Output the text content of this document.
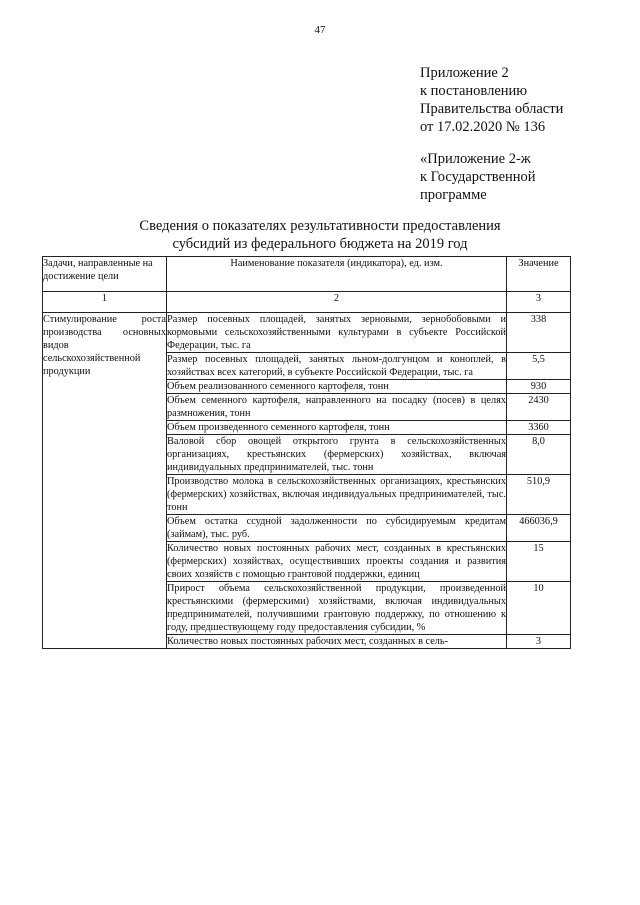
47
Приложение 2
к постановлению
Правительства области
от 17.02.2020 № 136
«Приложение 2-ж
к Государственной
программе
Сведения о показателях результативности предоставления
субсидий из федерального бюджета на 2019 год
Задачи, направленные на достижение цели	Наименование показателя (индикатора), ед. изм.	Значение
1	2	3
Стимулирование роста производства основных видов сельскохозяйственной продукции	Размер посевных площадей, занятых зерновыми, зернобобовыми и кормовыми сельскохозяйственными культурами в субъекте Российской Федерации, тыс. га	338
	Размер посевных площадей, занятых льном-долгунцом и коноплей, в хозяйствах всех категорий, в субъекте Российской Федерации, тыс. га	5,5
	Объем реализованного семенного картофеля, тонн	930
	Объем семенного картофеля, направленного на посадку (посев) в целях размножения, тонн	2430
	Объем произведенного семенного картофеля, тонн	3360
	Валовой сбор овощей открытого грунта в сельскохозяйственных организациях, крестьянских (фермерских) хозяйствах, включая индивидуальных предпринимателей, тыс. тонн	8,0
	Производство молока в сельскохозяйственных организациях, крестьянских (фермерских) хозяйствах, включая индивидуальных предпринимателей, тыс. тонн	510,9
	Объем остатка ссудной задолженности по субсидируемым кредитам (займам), тыс. руб.	466036,9
	Количество новых постоянных рабочих мест, созданных в крестьянских (фермерских) хозяйствах, осуществивших проекты создания и развития своих хозяйств с помощью грантовой поддержки, единиц	15
	Прирост объема сельскохозяйственной продукции, произведенной крестьянскими (фермерскими) хозяйствами, включая индивидуальных предпринимателей, получившими грантовую поддержку, по отношению к году, предшествующему году предоставления субсидии, %	10
	Количество новых постоянных рабочих мест, созданных в сель-	3
